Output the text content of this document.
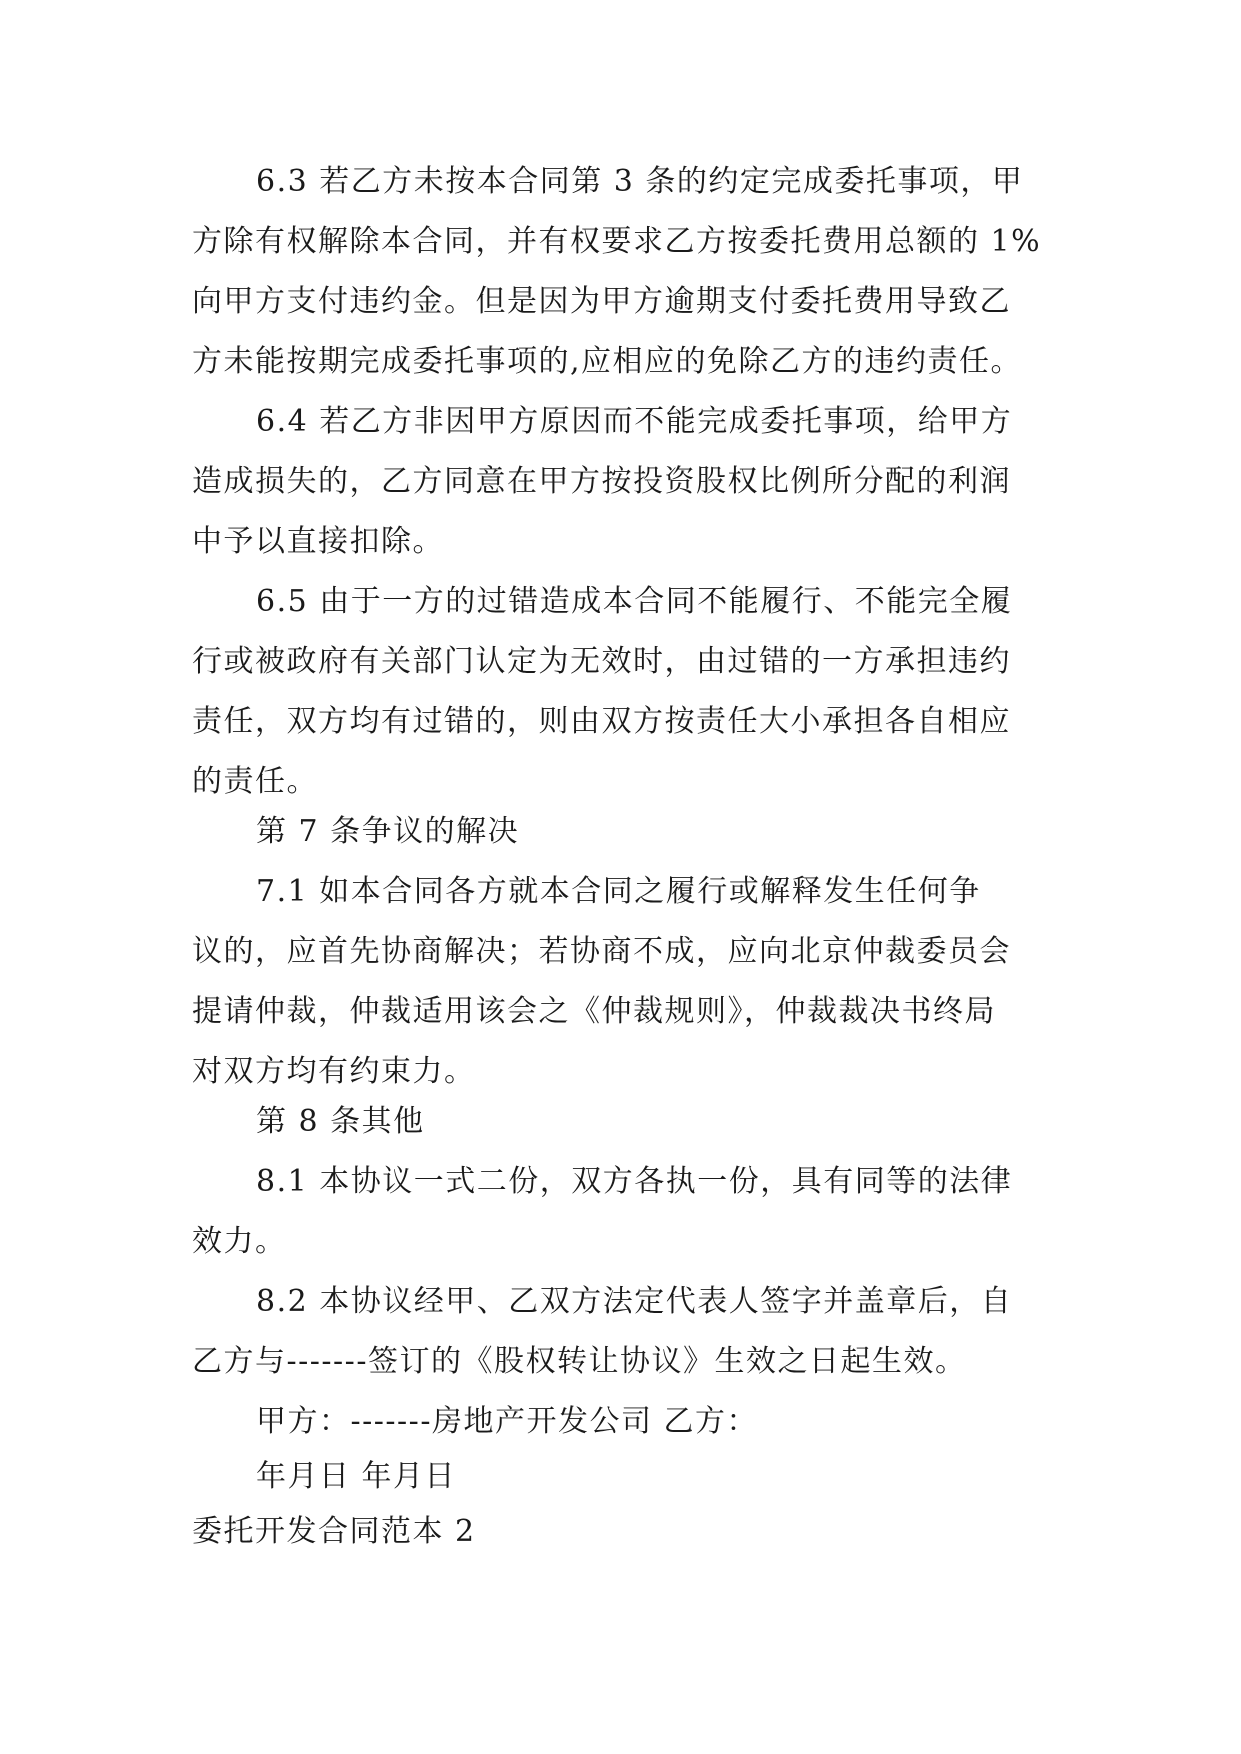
6.3 若乙方未按本合同第 3 条的约定完成委托事项，甲
方除有权解除本合同，并有权要求乙方按委托费用总额的 1%
向甲方支付违约金。但是因为甲方逾期支付委托费用导致乙
方未能按期完成委托事项的,应相应的免除乙方的违约责任。
6.4 若乙方非因甲方原因而不能完成委托事项，给甲方
造成损失的，乙方同意在甲方按投资股权比例所分配的利润
中予以直接扣除。
6.5 由于一方的过错造成本合同不能履行、不能完全履
行或被政府有关部门认定为无效时，由过错的一方承担违约
责任，双方均有过错的，则由双方按责任大小承担各自相应
的责任。
第 7 条争议的解决
7.1 如本合同各方就本合同之履行或解释发生任何争
议的，应首先协商解决；若协商不成，应向北京仲裁委员会
提请仲裁，仲裁适用该会之《仲裁规则》，仲裁裁决书终局
对双方均有约束力。
第 8 条其他
8.1 本协议一式二份，双方各执一份，具有同等的法律
效力。
8.2 本协议经甲、乙双方法定代表人签字并盖章后，自
乙方与-------签订的《股权转让协议》生效之日起生效。
甲方：-------房地产开发公司 乙方：
年月日 年月日
委托开发合同范本 2
